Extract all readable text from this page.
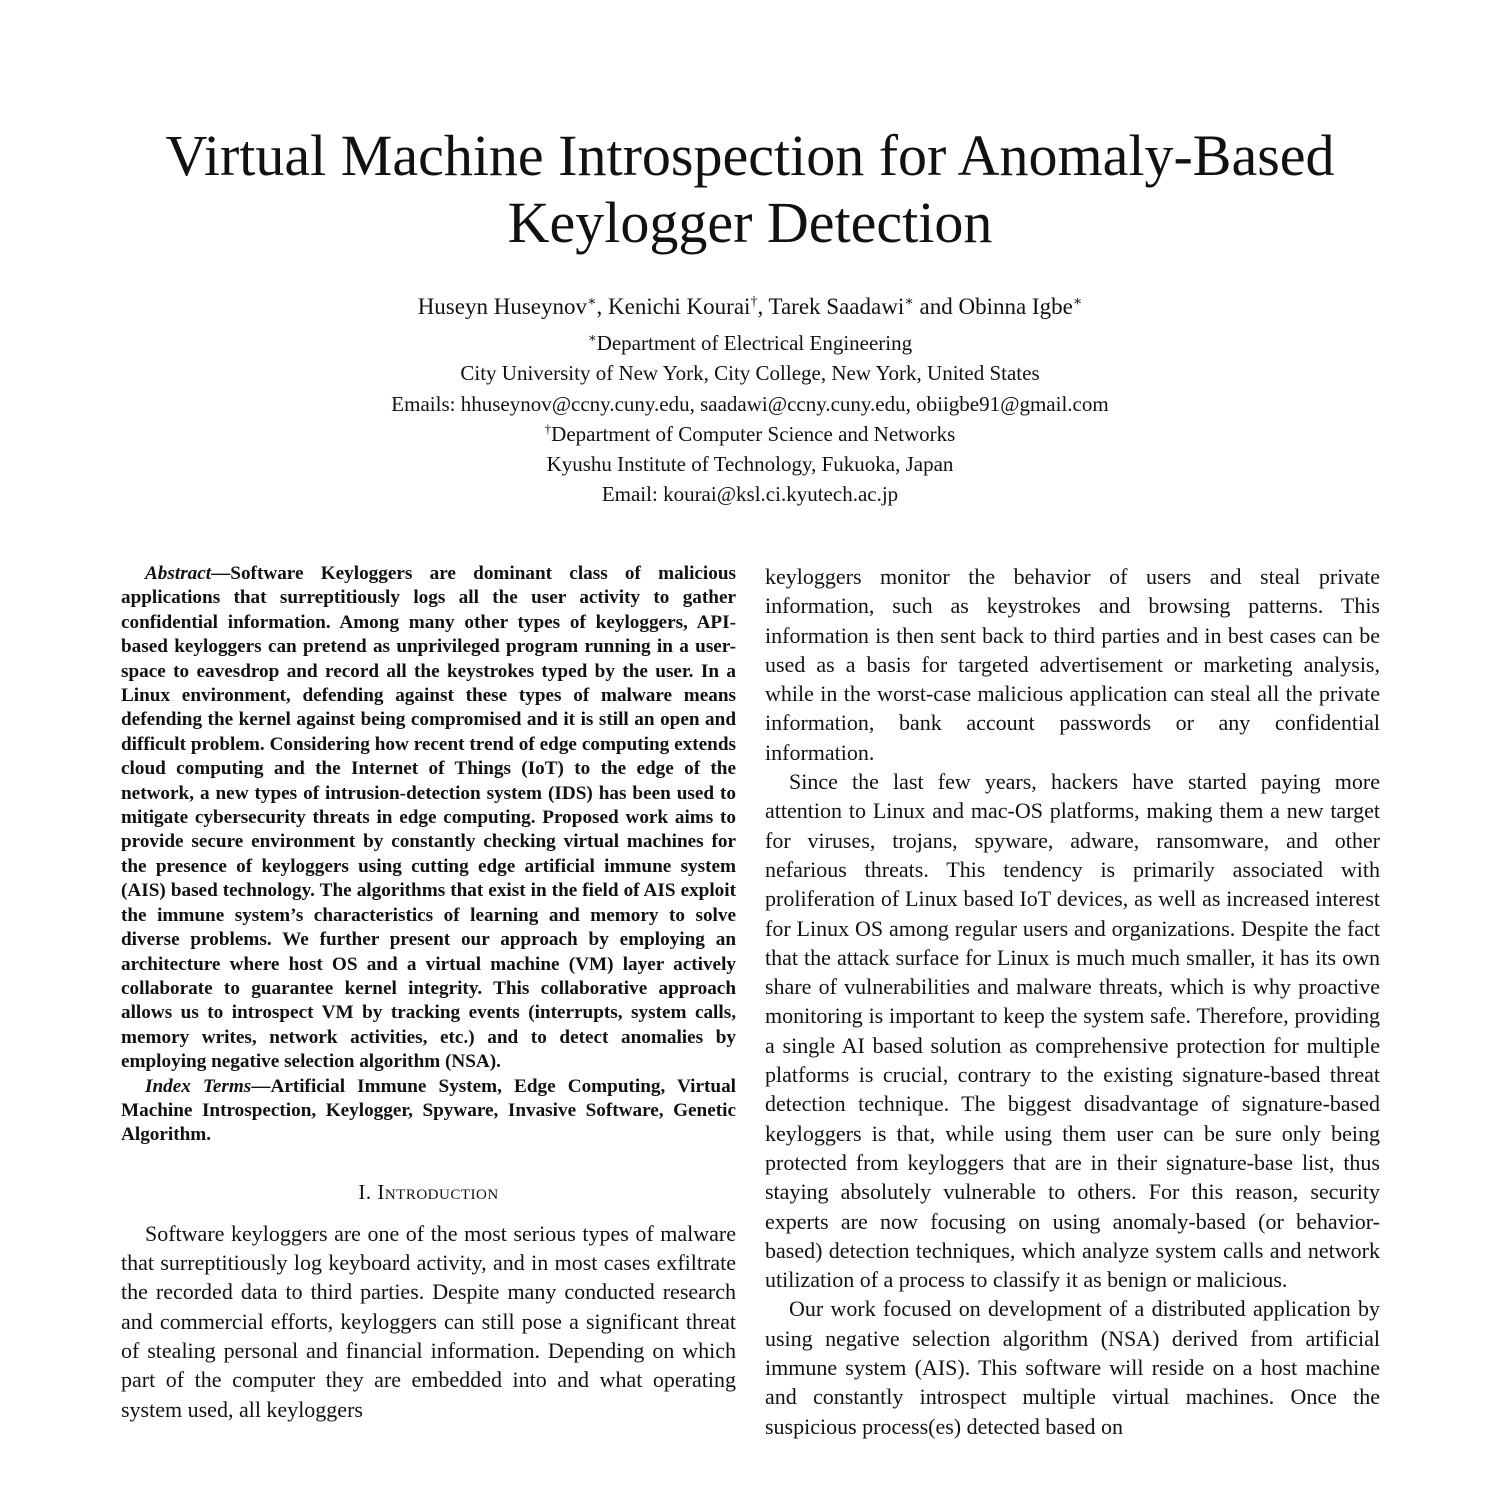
Virtual Machine Introspection for Anomaly-Based
Keylogger Detection

Huseyn Huseynov∗, Kenichi Kourai†, Tarek Saadawi∗ and Obinna Igbe∗

∗Department of Electrical Engineering
City University of New York, City College, New York, United States
Emails: hhuseynov@ccny.cuny.edu, saadawi@ccny.cuny.edu, obiigbe91@gmail.com
†Department of Computer Science and Networks
Kyushu Institute of Technology, Fukuoka, Japan
Email: kourai@ksl.ci.kyutech.ac.jp

Abstract—Software Keyloggers are dominant class of malicious applications that surreptitiously logs all the user activity to gather confidential information. Among many other types of keyloggers, API-based keyloggers can pretend as unprivileged program running in a user-space to eavesdrop and record all the keystrokes typed by the user. In a Linux environment, defending against these types of malware means defending the kernel against being compromised and it is still an open and difficult problem. Considering how recent trend of edge computing extends cloud computing and the Internet of Things (IoT) to the edge of the network, a new types of intrusion-detection system (IDS) has been used to mitigate cybersecurity threats in edge computing. Proposed work aims to provide secure environment by constantly checking virtual machines for the presence of keyloggers using cutting edge artificial immune system (AIS) based technology. The algorithms that exist in the field of AIS exploit the immune system’s characteristics of learning and memory to solve diverse problems. We further present our approach by employing an architecture where host OS and a virtual machine (VM) layer actively collaborate to guarantee kernel integrity. This collaborative approach allows us to introspect VM by tracking events (interrupts, system calls, memory writes, network activities, etc.) and to detect anomalies by employing negative selection algorithm (NSA).

Index Terms—Artificial Immune System, Edge Computing, Virtual Machine Introspection, Keylogger, Spyware, Invasive Software, Genetic Algorithm.

I. Introduction

Software keyloggers are one of the most serious types of malware that surreptitiously log keyboard activity, and in most cases exfiltrate the recorded data to third parties. Despite many conducted research and commercial efforts, keyloggers can still pose a significant threat of stealing personal and financial information. Depending on which part of the computer they are embedded into and what operating system used, all keyloggers

keyloggers monitor the behavior of users and steal private information, such as keystrokes and browsing patterns. This information is then sent back to third parties and in best cases can be used as a basis for targeted advertisement or marketing analysis, while in the worst-case malicious application can steal all the private information, bank account passwords or any confidential information.

Since the last few years, hackers have started paying more attention to Linux and mac-OS platforms, making them a new target for viruses, trojans, spyware, adware, ransomware, and other nefarious threats. This tendency is primarily associated with proliferation of Linux based IoT devices, as well as increased interest for Linux OS among regular users and organizations. Despite the fact that the attack surface for Linux is much much smaller, it has its own share of vulnerabilities and malware threats, which is why proactive monitoring is important to keep the system safe. Therefore, providing a single AI based solution as comprehensive protection for multiple platforms is crucial, contrary to the existing signature-based threat detection technique. The biggest disadvantage of signature-based keyloggers is that, while using them user can be sure only being protected from keyloggers that are in their signature-base list, thus staying absolutely vulnerable to others. For this reason, security experts are now focusing on using anomaly-based (or behavior-based) detection techniques, which analyze system calls and network utilization of a process to classify it as benign or malicious.

Our work focused on development of a distributed application by using negative selection algorithm (NSA) derived from artificial immune system (AIS). This software will reside on a host machine and constantly introspect multiple virtual machines. Once the suspicious process(es) detected based on
